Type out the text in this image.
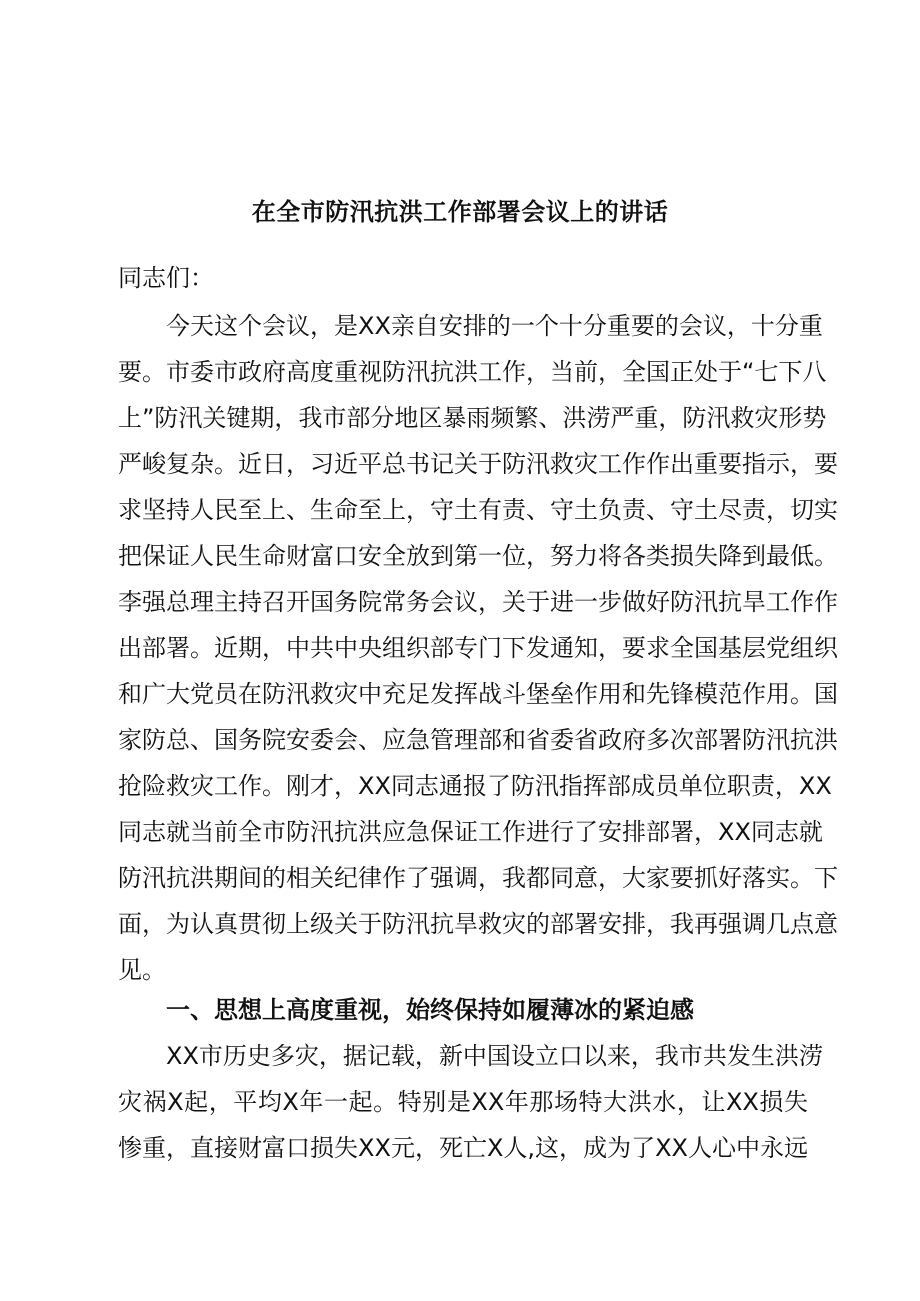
在全市防汛抗洪工作部署会议上的讲话
同志们：
今天这个会议，是XX亲自安排的一个十分重要的会议，十分重
要。市委市政府高度重视防汛抗洪工作，当前，全国正处于“七下八
上”防汛关键期，我市部分地区暴雨频繁、洪涝严重，防汛救灾形势
严峻复杂。近日，习近平总书记关于防汛救灾工作作出重要指示，要
求坚持人民至上、生命至上，守土有责、守土负责、守土尽责，切实
把保证人民生命财富口安全放到第一位，努力将各类损失降到最低。
李强总理主持召开国务院常务会议，关于进一步做好防汛抗旱工作作
出部署。近期，中共中央组织部专门下发通知，要求全国基层党组织
和广大党员在防汛救灾中充足发挥战斗堡垒作用和先锋模范作用。国
家防总、国务院安委会、应急管理部和省委省政府多次部署防汛抗洪
抢险救灾工作。刚才，XX同志通报了防汛指挥部成员单位职责，XX
同志就当前全市防汛抗洪应急保证工作进行了安排部署，XX同志就
防汛抗洪期间的相关纪律作了强调，我都同意，大家要抓好落实。下
面，为认真贯彻上级关于防汛抗旱救灾的部署安排，我再强调几点意
见。
一、思想上高度重视，始终保持如履薄冰的紧迫感
XX市历史多灾，据记载，新中国设立口以来，我市共发生洪涝
灾祸X起，平均X年一起。特别是XX年那场特大洪水，让XX损失
惨重，直接财富口损失XX元，死亡X人,这，成为了XX人心中永远
